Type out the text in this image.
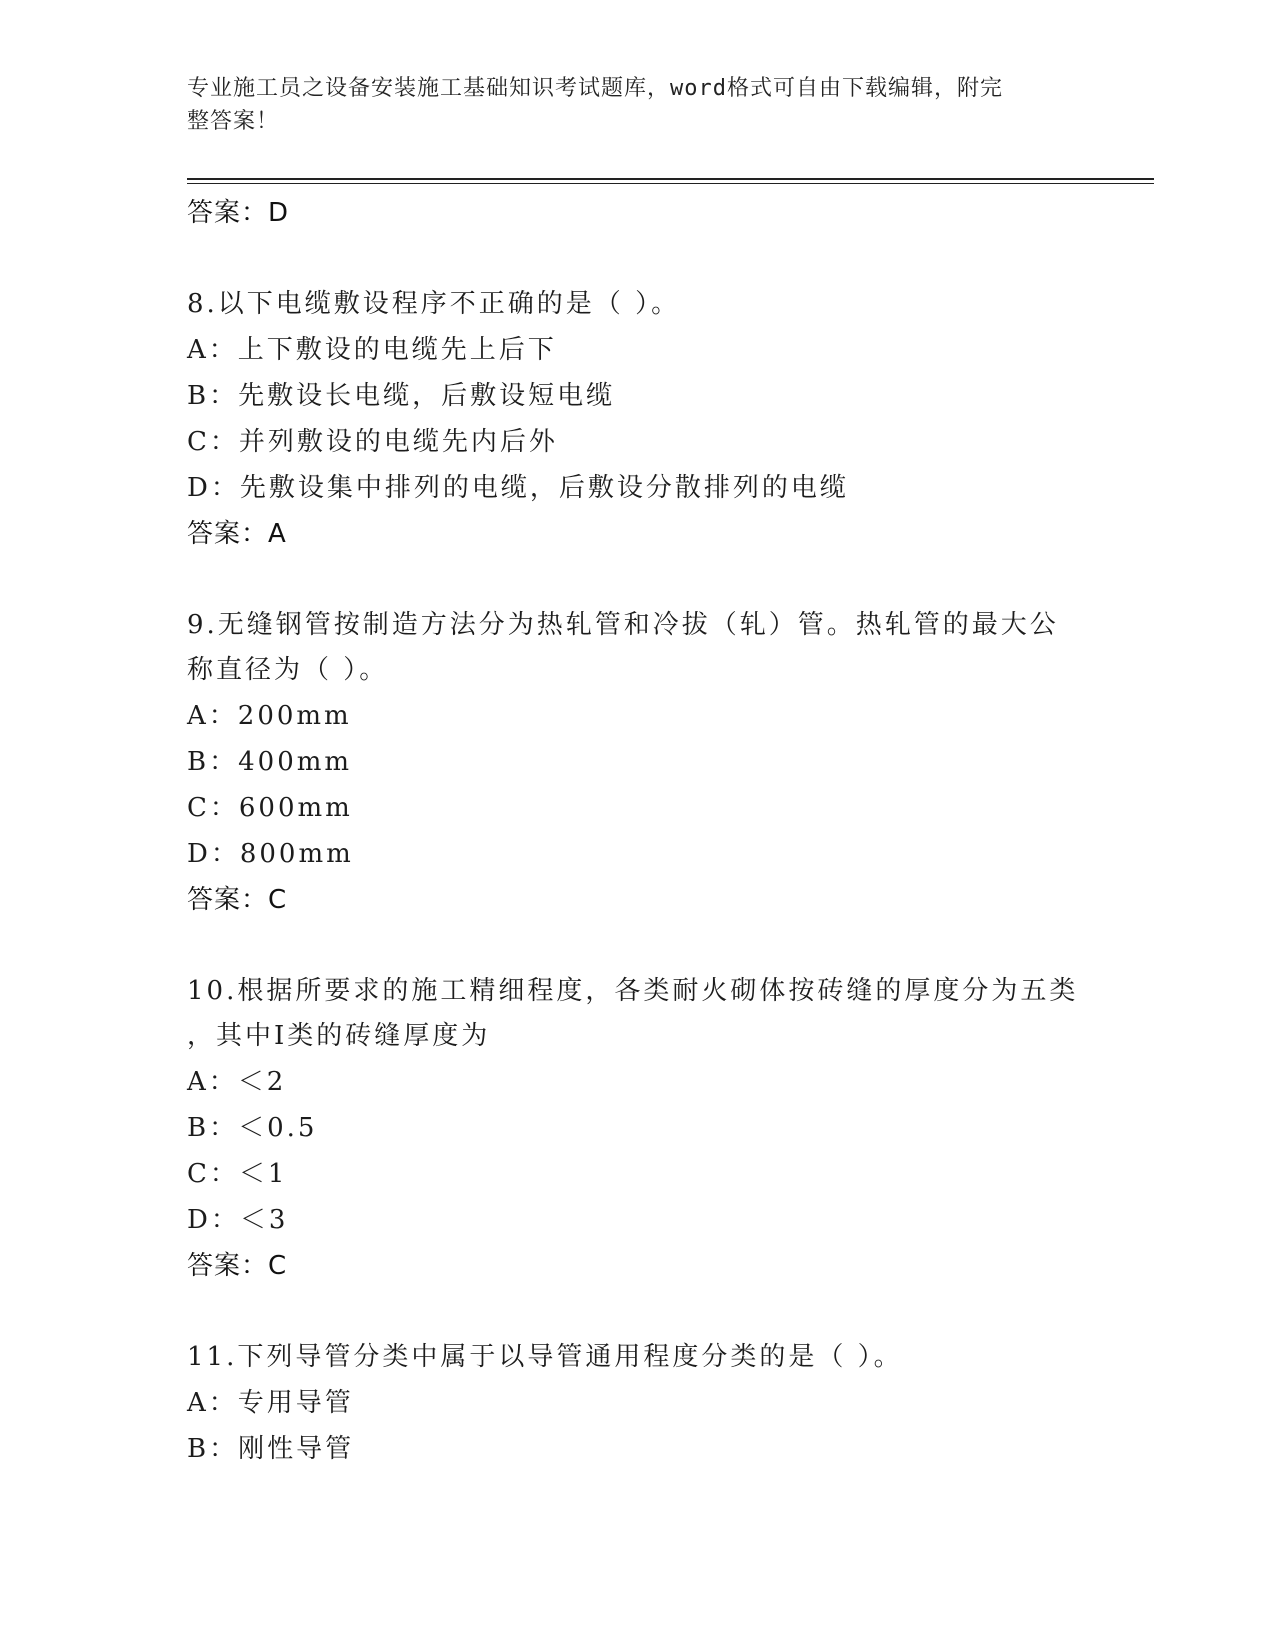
专业施工员之设备安装施工基础知识考试题库，word格式可自由下载编辑，附完
整答案！
答案：D
8.以下电缆敷设程序不正确的是（ ）。
A：上下敷设的电缆先上后下
B：先敷设长电缆，后敷设短电缆
C：并列敷设的电缆先内后外
D：先敷设集中排列的电缆，后敷设分散排列的电缆
答案：A
9.无缝钢管按制造方法分为热轧管和冷拔（轧）管。热轧管的最大公
称直径为（ ）。
A：200mm
B：400mm
C：600mm
D：800mm
答案：C
10.根据所要求的施工精细程度，各类耐火砌体按砖缝的厚度分为五类
，其中Ⅰ类的砖缝厚度为
A：＜2
B：＜0.5
C：＜1
D：＜3
答案：C
11.下列导管分类中属于以导管通用程度分类的是（ ）。
A：专用导管
B：刚性导管
